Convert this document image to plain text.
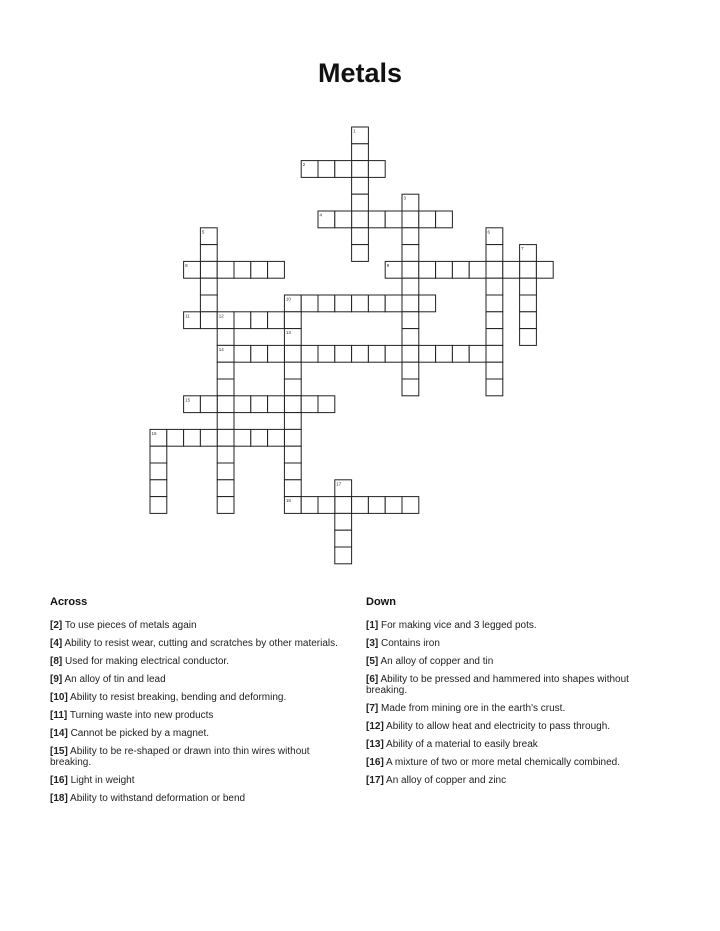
Metals
1
2
3
4
5	6
7
8	9
10
11	12
13
14
15
16
17
18
Across
[2] To use pieces of metals again
[4] Ability to resist wear, cutting and scratches by other materials.
[8] Used for making electrical conductor.
[9] An alloy of tin and lead
[10] Ability to resist breaking, bending and deforming.
[11] Turning waste into new products
[14] Cannot be picked by a magnet.
[15] Ability to be re-shaped or drawn into thin wires without breaking.
[16] Light in weight
[18] Ability to withstand deformation or bend
Down
[1] For making vice and 3 legged pots.
[3] Contains iron
[5] An alloy of copper and tin
[6] Ability to be pressed and hammered into shapes without breaking.
[7] Made from mining ore in the earth's crust.
[12] Ability to allow heat and electricity to pass through.
[13] Ability of a material to easily break
[16] A mixture of two or more metal chemically combined.
[17] An alloy of copper and zinc
